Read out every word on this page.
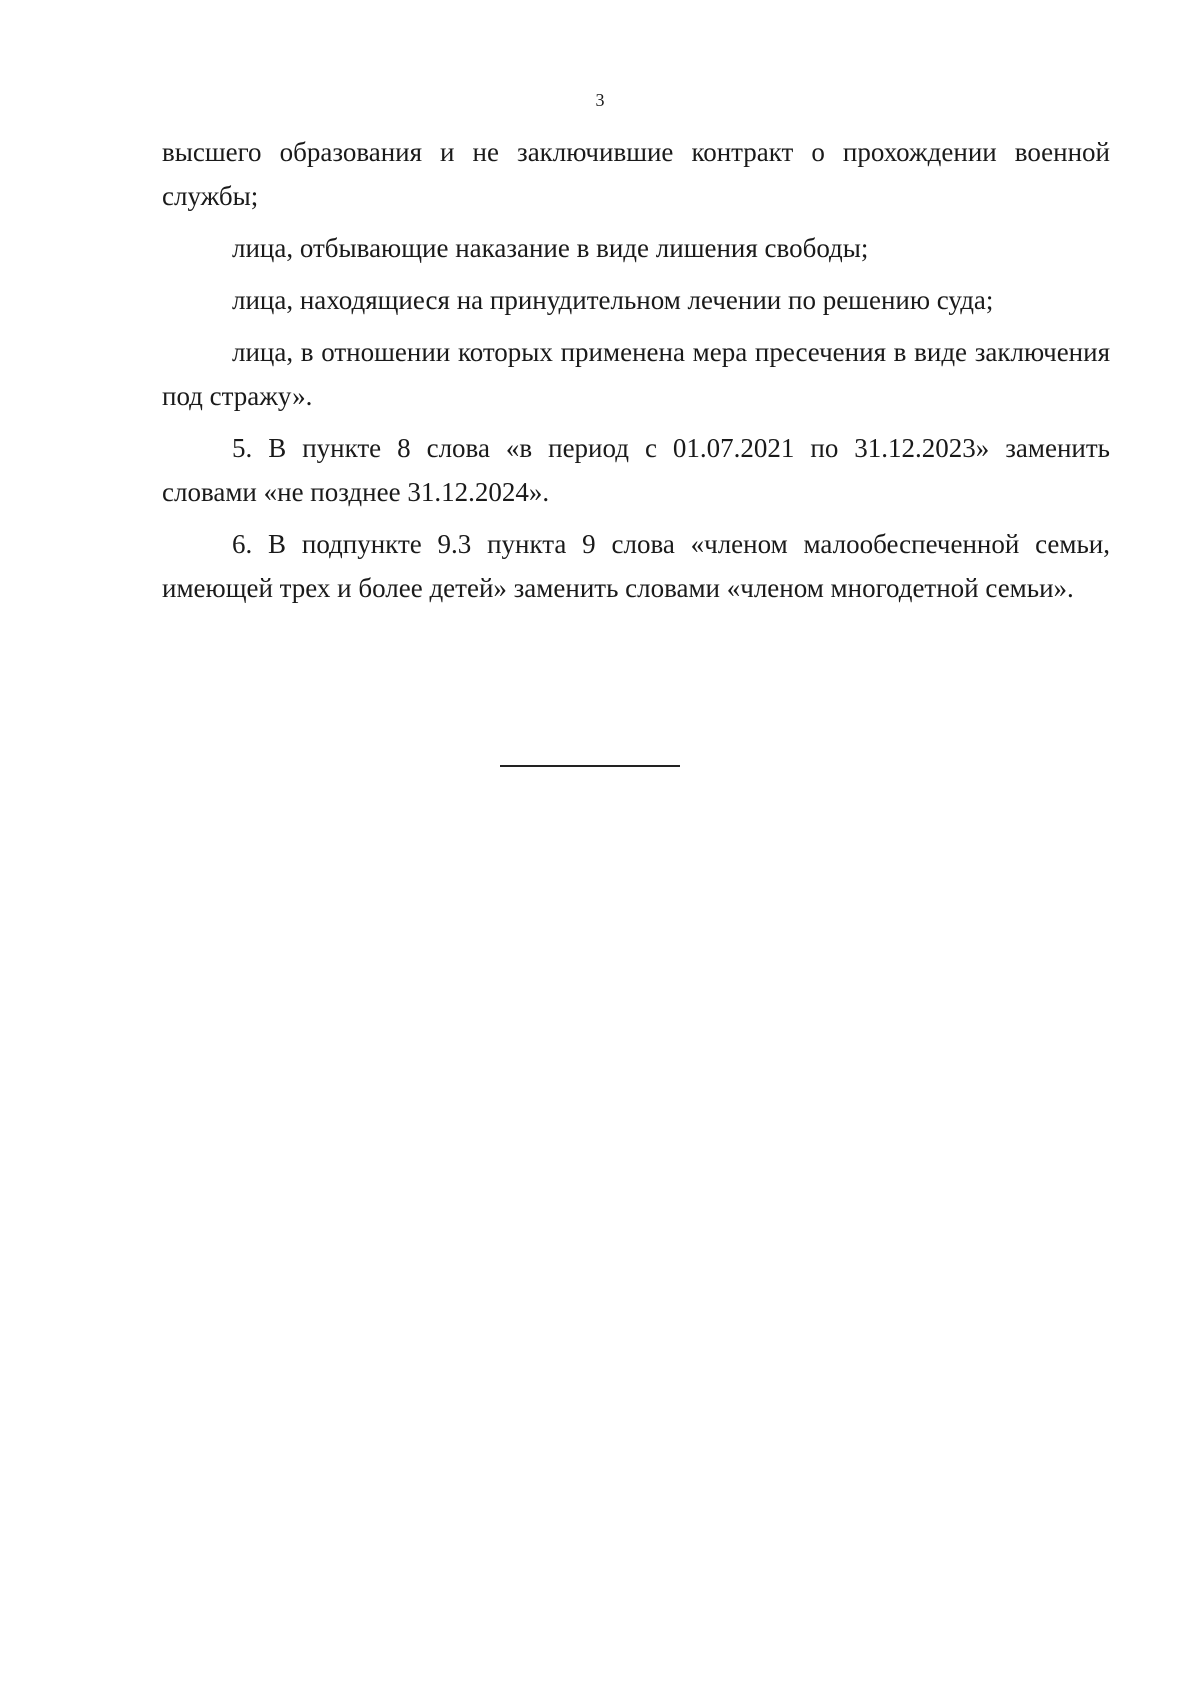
3

высшего образования и не заключившие контракт о прохождении военной службы;

лица, отбывающие наказание в виде лишения свободы;

лица, находящиеся на принудительном лечении по решению суда;

лица, в отношении которых применена мера пресечения в виде заключения под стражу».

5. В пункте 8 слова «в период с 01.07.2021 по 31.12.2023» заменить словами «не позднее 31.12.2024».

6. В подпункте 9.3 пункта 9 слова «членом малообеспеченной семьи, имеющей трех и более детей» заменить словами «членом многодетной семьи».
